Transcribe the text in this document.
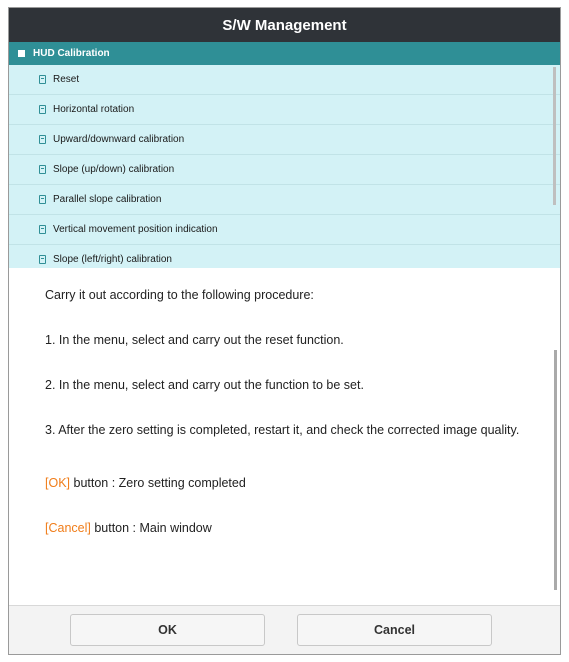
S/W Management
HUD Calibration
Reset
Horizontal rotation
Upward/downward calibration
Slope (up/down) calibration
Parallel slope calibration
Vertical movement position indication
Slope (left/right) calibration

Carry it out according to the following procedure:

1. In the menu, select and carry out the reset function.

2. In the menu, select and carry out the function to be set.

3. After the zero setting is completed, restart it, and check the corrected image quality.

[OK] button : Zero setting completed

[Cancel] button : Main window

OK	Cancel
